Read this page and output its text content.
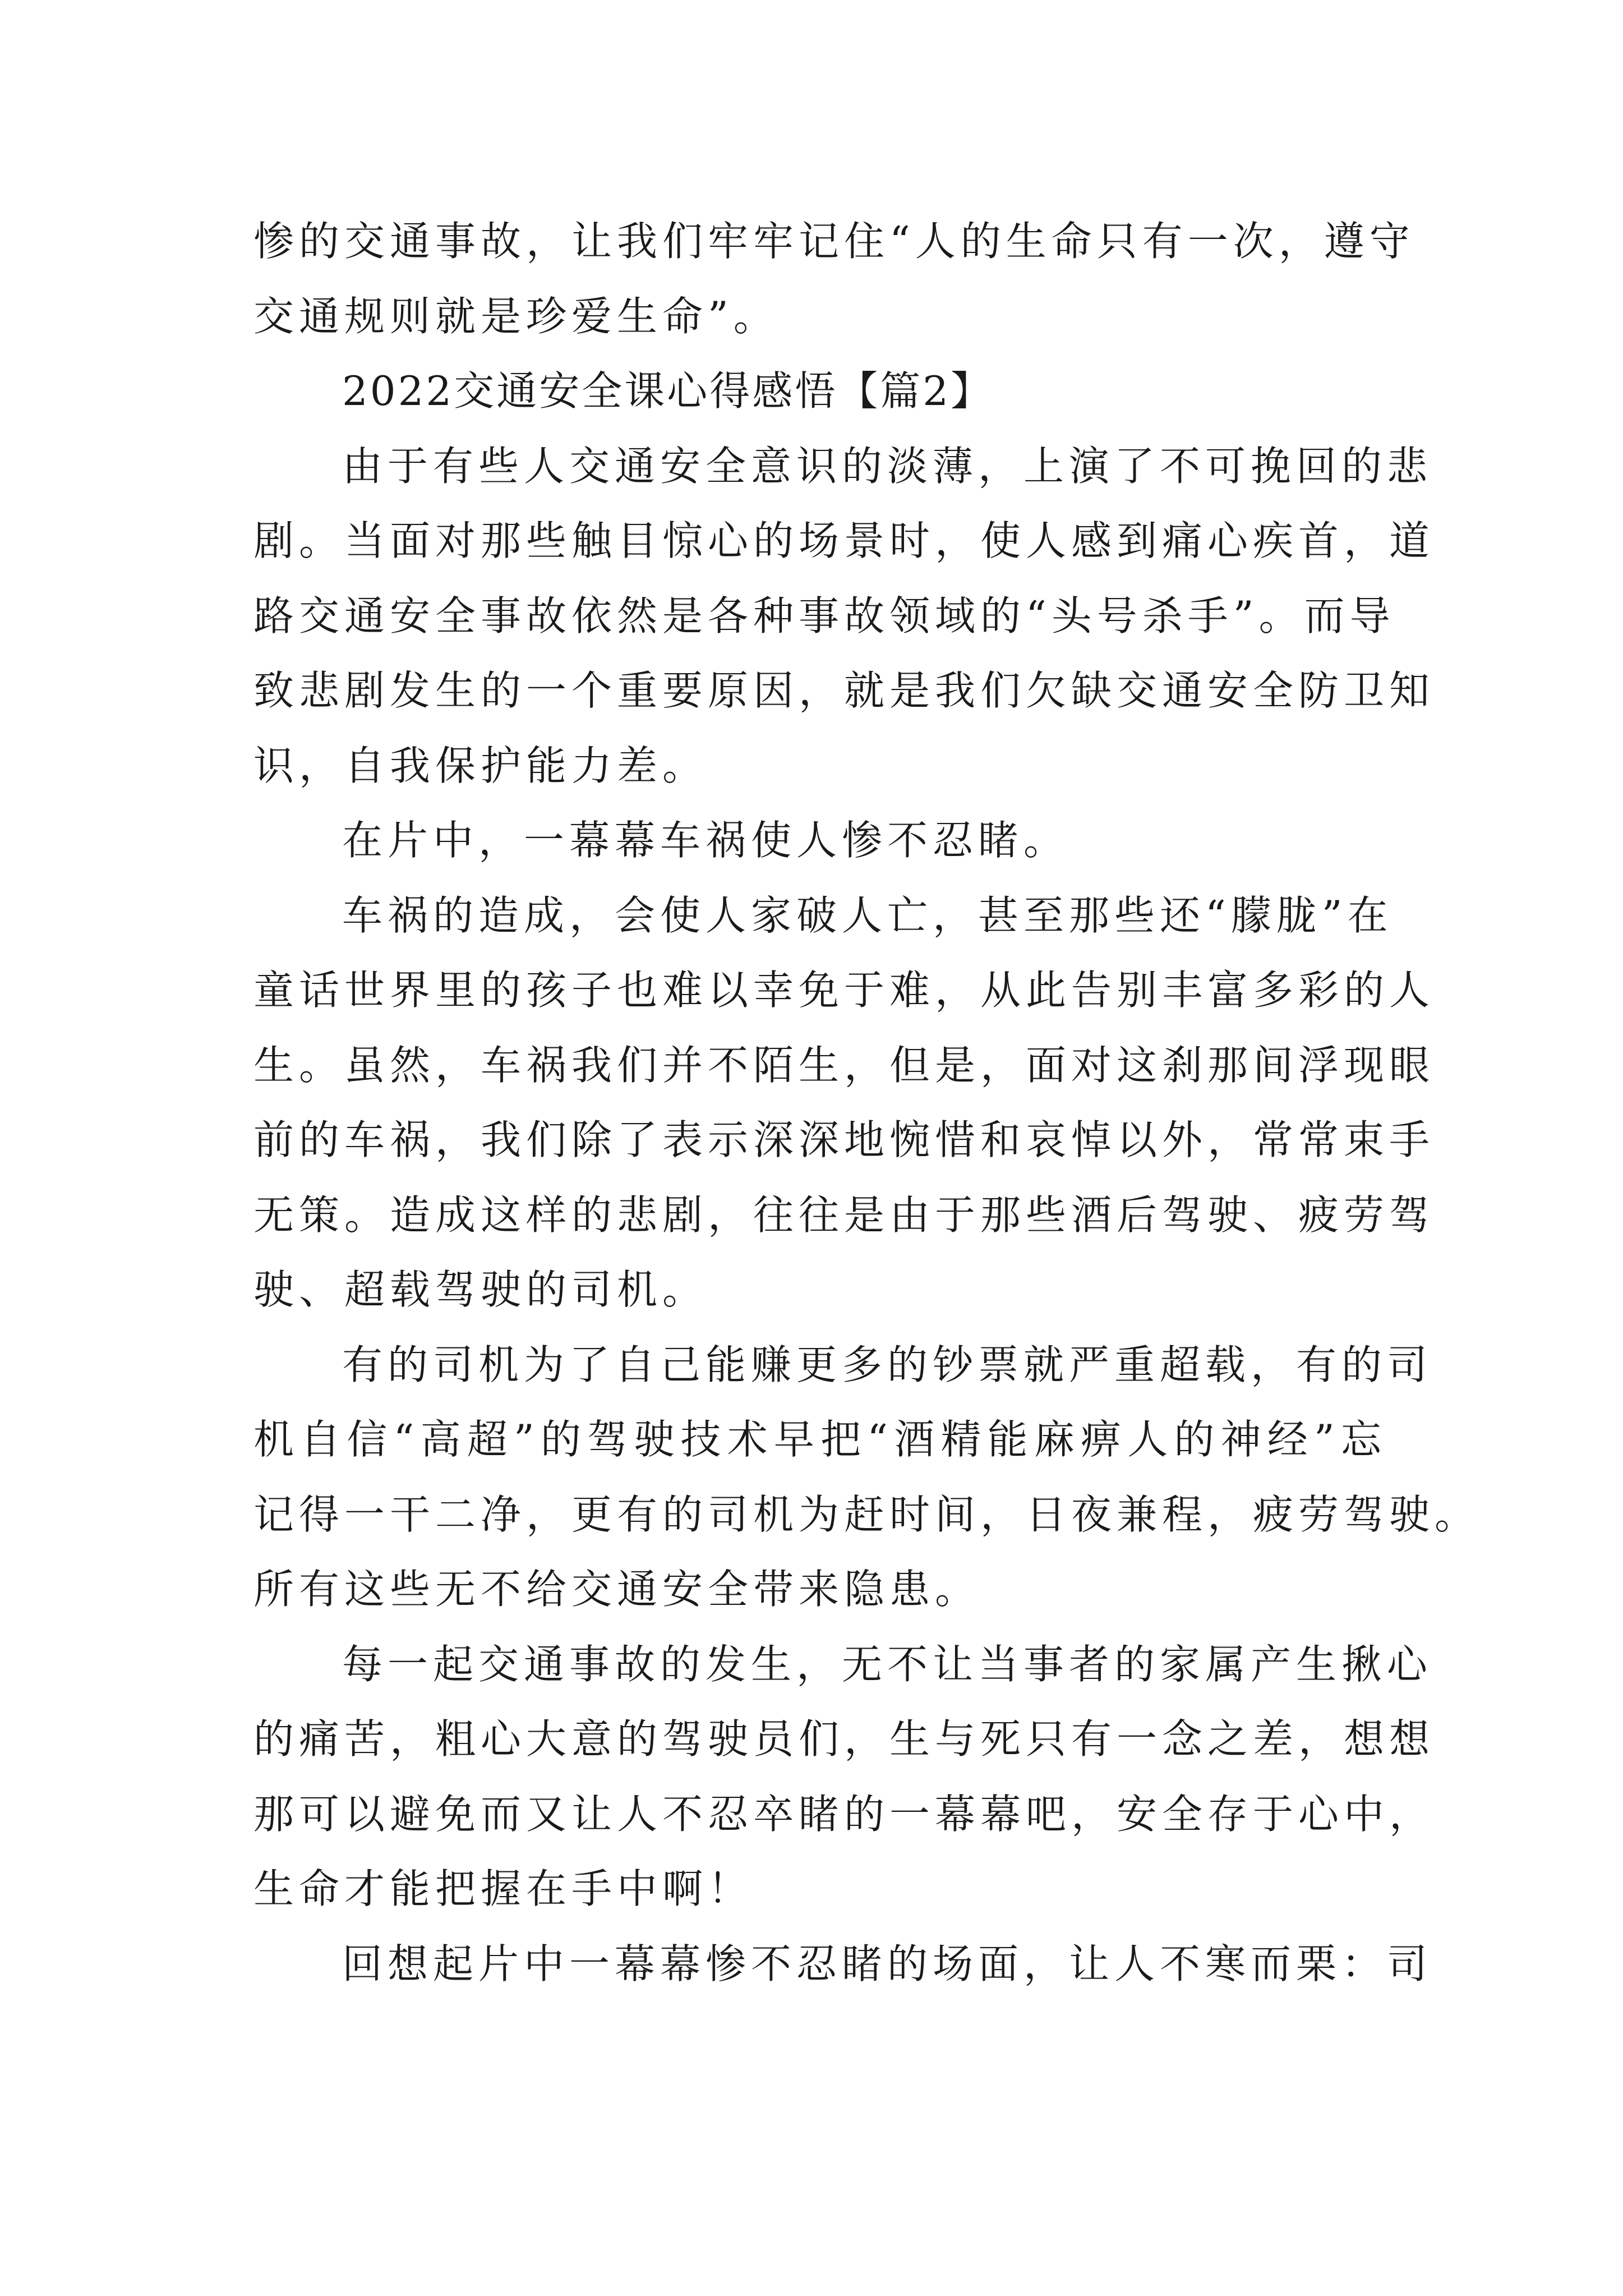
惨的交通事故，让我们牢牢记住“人的生命只有一次，遵守
交通规则就是珍爱生命”。
2022交通安全课心得感悟【篇2】
由于有些人交通安全意识的淡薄，上演了不可挽回的悲
剧。当面对那些触目惊心的场景时，使人感到痛心疾首，道
路交通安全事故依然是各种事故领域的“头号杀手”。而导
致悲剧发生的一个重要原因，就是我们欠缺交通安全防卫知
识，自我保护能力差。
在片中，一幕幕车祸使人惨不忍睹。
车祸的造成，会使人家破人亡，甚至那些还“朦胧”在
童话世界里的孩子也难以幸免于难，从此告别丰富多彩的人
生。虽然，车祸我们并不陌生，但是，面对这刹那间浮现眼
前的车祸，我们除了表示深深地惋惜和哀悼以外，常常束手
无策。造成这样的悲剧，往往是由于那些酒后驾驶、疲劳驾
驶、超载驾驶的司机。
有的司机为了自己能赚更多的钞票就严重超载，有的司
机自信“高超”的驾驶技术早把“酒精能麻痹人的神经”忘
记得一干二净，更有的司机为赶时间，日夜兼程，疲劳驾驶。
所有这些无不给交通安全带来隐患。
每一起交通事故的发生，无不让当事者的家属产生揪心
的痛苦，粗心大意的驾驶员们，生与死只有一念之差，想想
那可以避免而又让人不忍卒睹的一幕幕吧，安全存于心中，
生命才能把握在手中啊！
回想起片中一幕幕惨不忍睹的场面，让人不寒而栗：司
